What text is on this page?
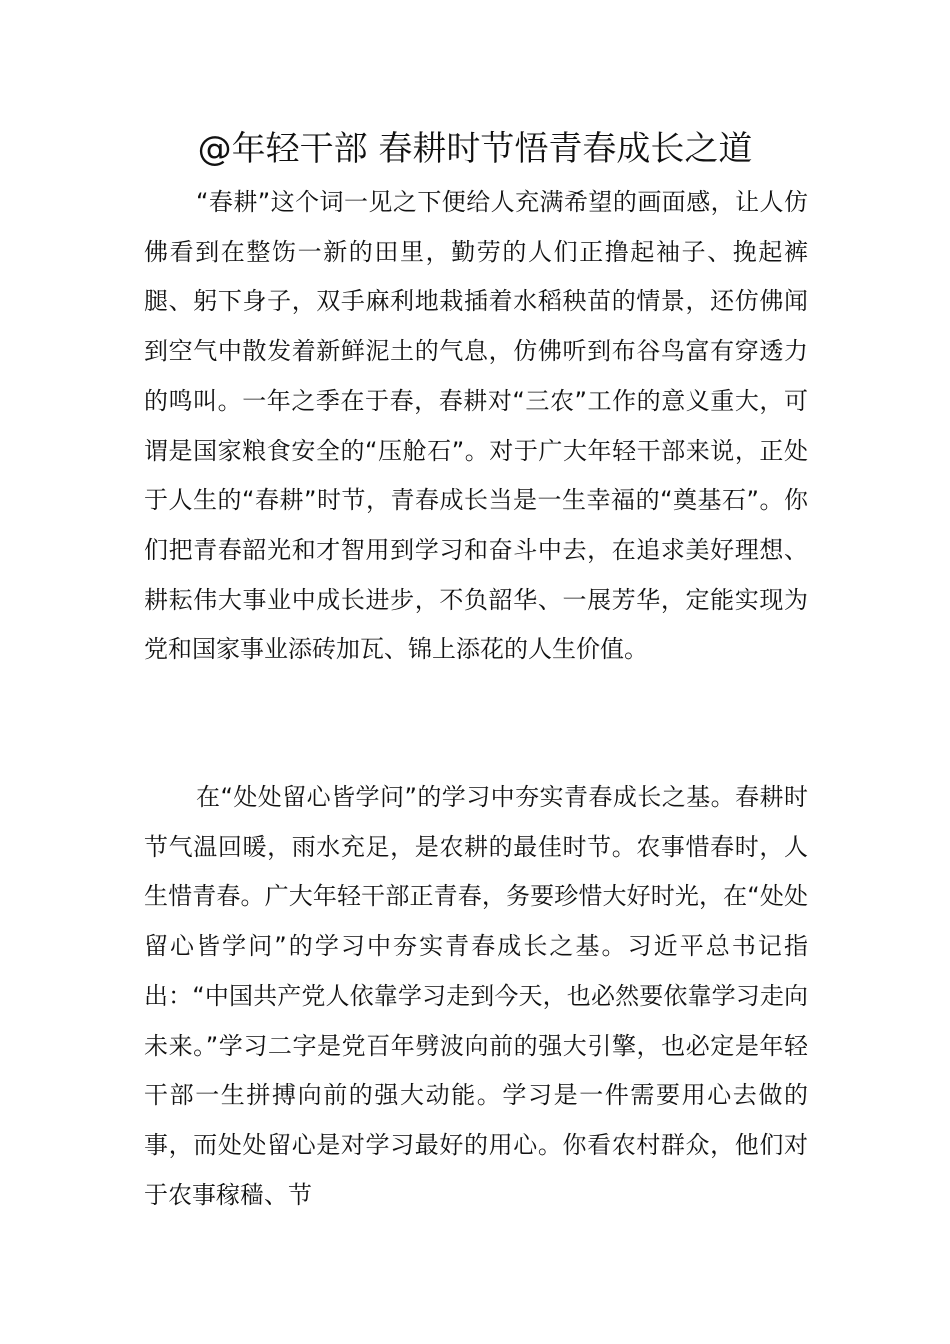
@年轻干部 春耕时节悟青春成长之道

“春耕”这个词一见之下便给人充满希望的画面感，让人仿佛看到在整饬一新的田里，勤劳的人们正撸起袖子、挽起裤腿、躬下身子，双手麻利地栽插着水稻秧苗的情景，还仿佛闻到空气中散发着新鲜泥土的气息，仿佛听到布谷鸟富有穿透力的鸣叫。一年之季在于春，春耕对“三农”工作的意义重大，可谓是国家粮食安全的“压舱石”。对于广大年轻干部来说，正处于人生的“春耕”时节，青春成长当是一生幸福的“奠基石”。你们把青春韶光和才智用到学习和奋斗中去，在追求美好理想、耕耘伟大事业中成长进步，不负韶华、一展芳华，定能实现为党和国家事业添砖加瓦、锦上添花的人生价值。

在“处处留心皆学问”的学习中夯实青春成长之基。春耕时节气温回暖，雨水充足，是农耕的最佳时节。农事惜春时，人生惜青春。广大年轻干部正青春，务要珍惜大好时光，在“处处留心皆学问”的学习中夯实青春成长之基。习近平总书记指出：“中国共产党人依靠学习走到今天，也必然要依靠学习走向未来。”学习二字是党百年劈波向前的强大引擎，也必定是年轻干部一生拼搏向前的强大动能。学习是一件需要用心去做的事，而处处留心是对学习最好的用心。你看农村群众，他们对于农事稼穑、节
